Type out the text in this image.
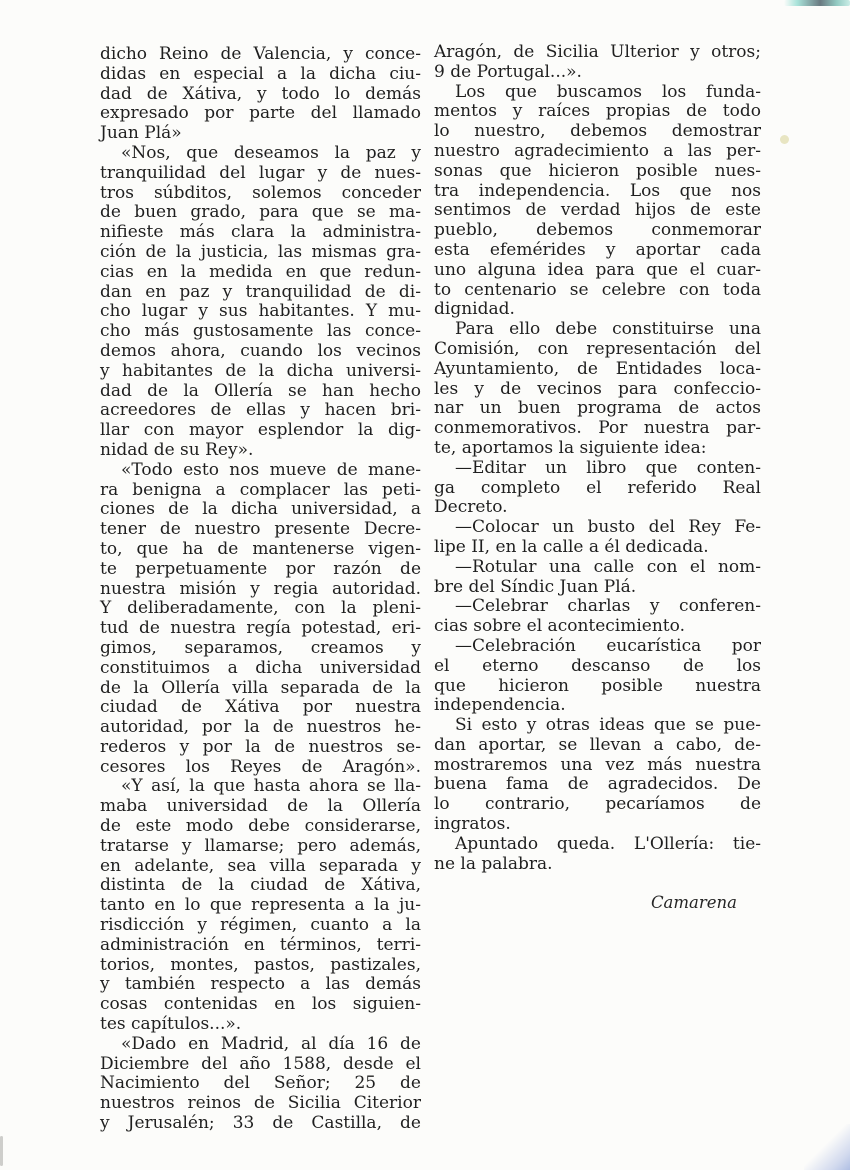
dicho Reino de Valencia, y conce-
didas en especial a la dicha ciu-
dad de Xátiva, y todo lo demás
expresado por parte del llamado
Juan Plá»
«Nos, que deseamos la paz y
tranquilidad del lugar y de nues-
tros súbditos, solemos conceder
de buen grado, para que se ma-
nifieste más clara la administra-
ción de la justicia, las mismas gra-
cias en la medida en que redun-
dan en paz y tranquilidad de di-
cho lugar y sus habitantes. Y mu-
cho más gustosamente las conce-
demos ahora, cuando los vecinos
y habitantes de la dicha universi-
dad de la Ollería se han hecho
acreedores de ellas y hacen bri-
llar con mayor esplendor la dig-
nidad de su Rey».
«Todo esto nos mueve de mane-
ra benigna a complacer las peti-
ciones de la dicha universidad, a
tener de nuestro presente Decre-
to, que ha de mantenerse vigen-
te perpetuamente por razón de
nuestra misión y regia autoridad.
Y deliberadamente, con la pleni-
tud de nuestra regía potestad, eri-
gimos, separamos, creamos y
constituimos a dicha universidad
de la Ollería villa separada de la
ciudad de Xátiva por nuestra
autoridad, por la de nuestros he-
rederos y por la de nuestros se-
cesores los Reyes de Aragón».
«Y así, la que hasta ahora se lla-
maba universidad de la Ollería
de este modo debe considerarse,
tratarse y llamarse; pero además,
en adelante, sea villa separada y
distinta de la ciudad de Xátiva,
tanto en lo que representa a la ju-
risdicción y régimen, cuanto a la
administración en términos, terri-
torios, montes, pastos, pastizales,
y también respecto a las demás
cosas contenidas en los siguien-
tes capítulos...».
«Dado en Madrid, al día 16 de
Diciembre del año 1588, desde el
Nacimiento del Señor; 25 de
nuestros reinos de Sicilia Citerior
y Jerusalén; 33 de Castilla, de
Aragón, de Sicilia Ulterior y otros;
9 de Portugal...».
Los que buscamos los funda-
mentos y raíces propias de todo
lo nuestro, debemos demostrar
nuestro agradecimiento a las per-
sonas que hicieron posible nues-
tra independencia. Los que nos
sentimos de verdad hijos de este
pueblo, debemos conmemorar
esta efemérides y aportar cada
uno alguna idea para que el cuar-
to centenario se celebre con toda
dignidad.
Para ello debe constituirse una
Comisión, con representación del
Ayuntamiento, de Entidades loca-
les y de vecinos para confeccio-
nar un buen programa de actos
conmemorativos. Por nuestra par-
te, aportamos la siguiente idea:
—Editar un libro que conten-
ga completo el referido Real
Decreto.
—Colocar un busto del Rey Fe-
lipe II, en la calle a él dedicada.
—Rotular una calle con el nom-
bre del Síndic Juan Plá.
—Celebrar charlas y conferen-
cias sobre el acontecimiento.
—Celebración eucarística por
el eterno descanso de los
que hicieron posible nuestra
independencia.
Si esto y otras ideas que se pue-
dan aportar, se llevan a cabo, de-
mostraremos una vez más nuestra
buena fama de agradecidos. De
lo contrario, pecaríamos de
ingratos.
Apuntado queda. L'Ollería: tie-
ne la palabra.
Camarena
